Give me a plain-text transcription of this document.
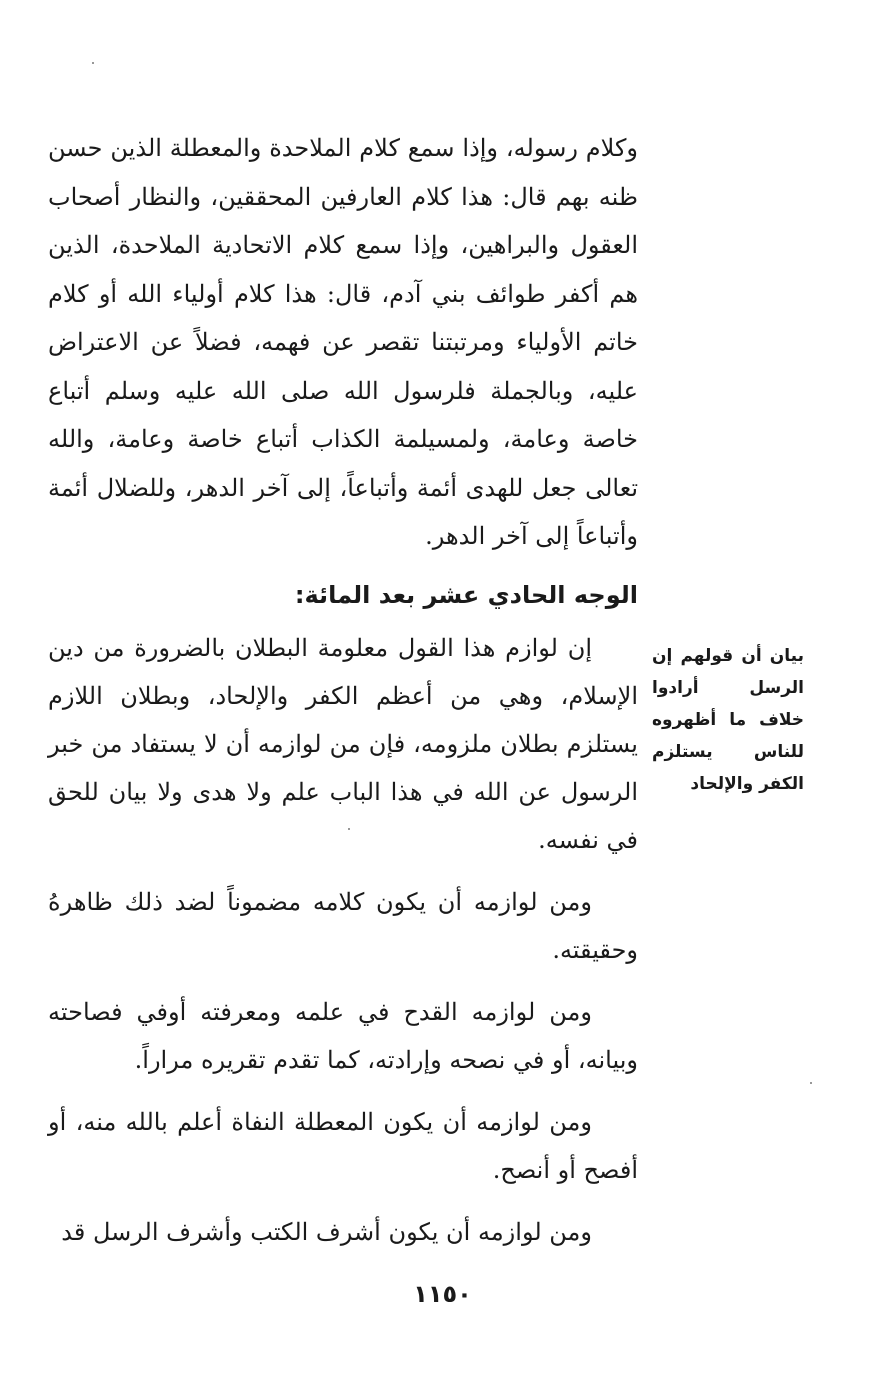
وكلام رسوله، وإذا سمع كلام الملاحدة والمعطلة الذين حسن ظنه بهم قال: هذا كلام العارفين المحققين، والنظار أصحاب العقول والبراهين، وإذا سمع كلام الاتحادية الملاحدة، الذين هم أكفر طوائف بني آدم، قال: هذا كلام أولياء الله أو كلام خاتم الأولياء ومرتبتنا تقصر عن فهمه، فضلاً عن الاعتراض عليه، وبالجملة فلرسول الله صلى الله عليه وسلم أتباع خاصة وعامة، ولمسيلمة الكذاب أتباع خاصة وعامة، والله تعالى جعل للهدى أئمة وأتباعاً، إلى آخر الدهر، وللضلال أئمة وأتباعاً إلى آخر الدهر.

الوجه الحادي عشر بعد المائة:

بيان أن قولهم إن الرسل أرادوا خلاف ما أظهروه للناس يستلزم الكفر والإلحاد

إن لوازم هذا القول معلومة البطلان بالضرورة من دين الإسلام، وهي من أعظم الكفر والإلحاد، وبطلان اللازم يستلزم بطلان ملزومه، فإن من لوازمه أن لا يستفاد من خبر الرسول عن الله في هذا الباب علم ولا هدى ولا بيان للحق في نفسه.

ومن لوازمه أن يكون كلامه مضموناً لضد ذلك ظاهرهُ وحقيقته.

ومن لوازمه القدح في علمه ومعرفته أوفي فصاحته وبيانه، أو في نصحه وإرادته، كما تقدم تقريره مراراً.

ومن لوازمه أن يكون المعطلة النفاة أعلم بالله منه، أو أفصح أو أنصح.

ومن لوازمه أن يكون أشرف الكتب وأشرف الرسل قد

١١٥٠
